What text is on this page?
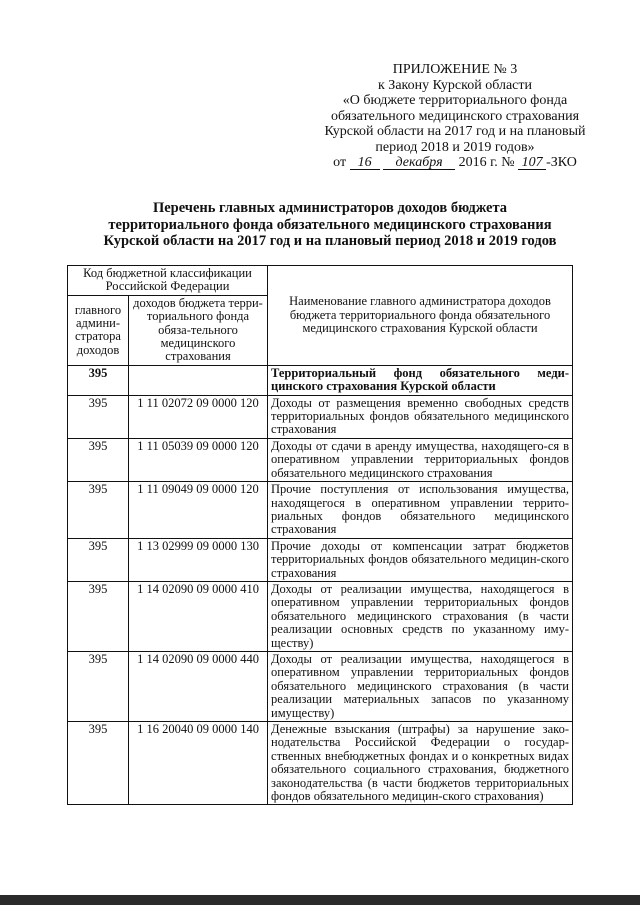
ПРИЛОЖЕНИЕ № 3
к Закону Курской области
«О бюджете территориального фонда
обязательного медицинского страхования
Курской области на 2017 год и на плановый
период 2018 и 2019 годов»
от 16 декабря 2016 г. № 107 -ЗКО
Перечень главных администраторов доходов бюджета
территориального фонда обязательного медицинского страхования
Курской области на 2017 год и на плановый период 2018 и 2019 годов
Код бюджетной классификации Российской Федерации		Наименование главного администратора доходов бюджета территориального фонда обязательного медицинского страхования Курской области
главного админи-стратора доходов	доходов бюджета терри-ториального фонда обяза-тельного медицинского страхования	
395		Территориальный фонд обязательного меди-цинского страхования Курской области
395	1 11 02072 09 0000 120	Доходы от размещения временно свободных средств территориальных фондов обязательного медицинского страхования
395	1 11 05039 09 0000 120	Доходы от сдачи в аренду имущества, находящего-ся в оперативном управлении территориальных фондов обязательного медицинского страхования
395	1 11 09049 09 0000 120	Прочие поступления от использования имущества, находящегося в оперативном управлении террито-риальных фондов обязательного медицинского страхования
395	1 13 02999 09 0000 130	Прочие доходы от компенсации затрат бюджетов территориальных фондов обязательного медицин-ского страхования
395	1 14 02090 09 0000 410	Доходы от реализации имущества, находящегося в оперативном управлении территориальных фондов обязательного медицинского страхования (в части реализации основных средств по указанному иму-ществу)
395	1 14 02090 09 0000 440	Доходы от реализации имущества, находящегося в оперативном управлении территориальных фондов обязательного медицинского страхования (в части реализации материальных запасов по указанному имуществу)
395	1 16 20040 09 0000 140	Денежные взыскания (штрафы) за нарушение зако-нодательства Российской Федерации о государ-ственных внебюджетных фондах и о конкретных видах обязательного социального страхования, бюджетного законодательства (в части бюджетов территориальных фондов обязательного медицин-ского страхования)
